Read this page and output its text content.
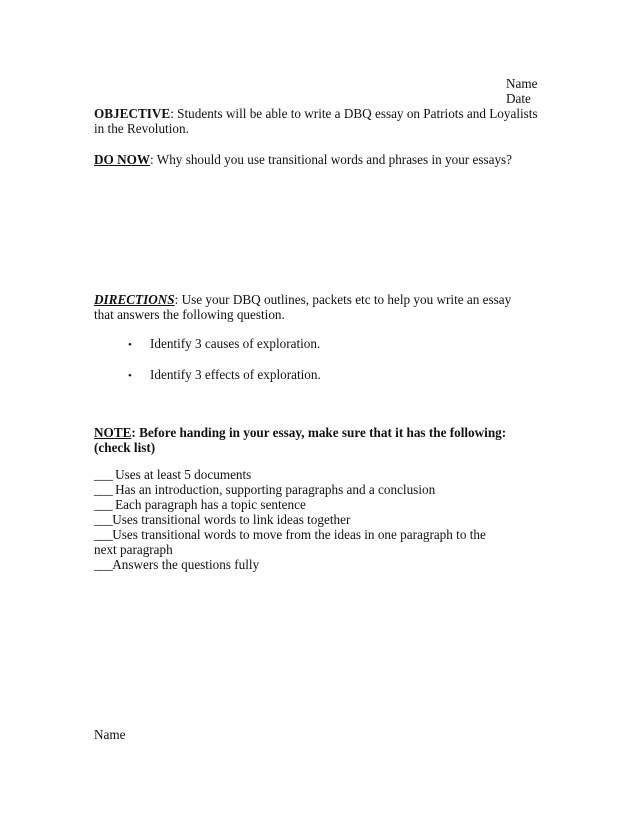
Name
Date
OBJECTIVE: Students will be able to write a DBQ essay on Patriots and Loyalists in the Revolution.
DO NOW: Why should you use transitional words and phrases in your essays?
DIRECTIONS: Use your DBQ outlines, packets etc to help you write an essay that answers the following question.
• Identify 3 causes of exploration.
• Identify 3 effects of exploration.
NOTE: Before handing in your essay, make sure that it has the following: (check list)
___ Uses at least 5 documents
___ Has an introduction, supporting paragraphs and a conclusion
___ Each paragraph has a topic sentence
___Uses transitional words to link ideas together
___Uses transitional words to move from the ideas in one paragraph to the next paragraph
___Answers the questions fully
Name
